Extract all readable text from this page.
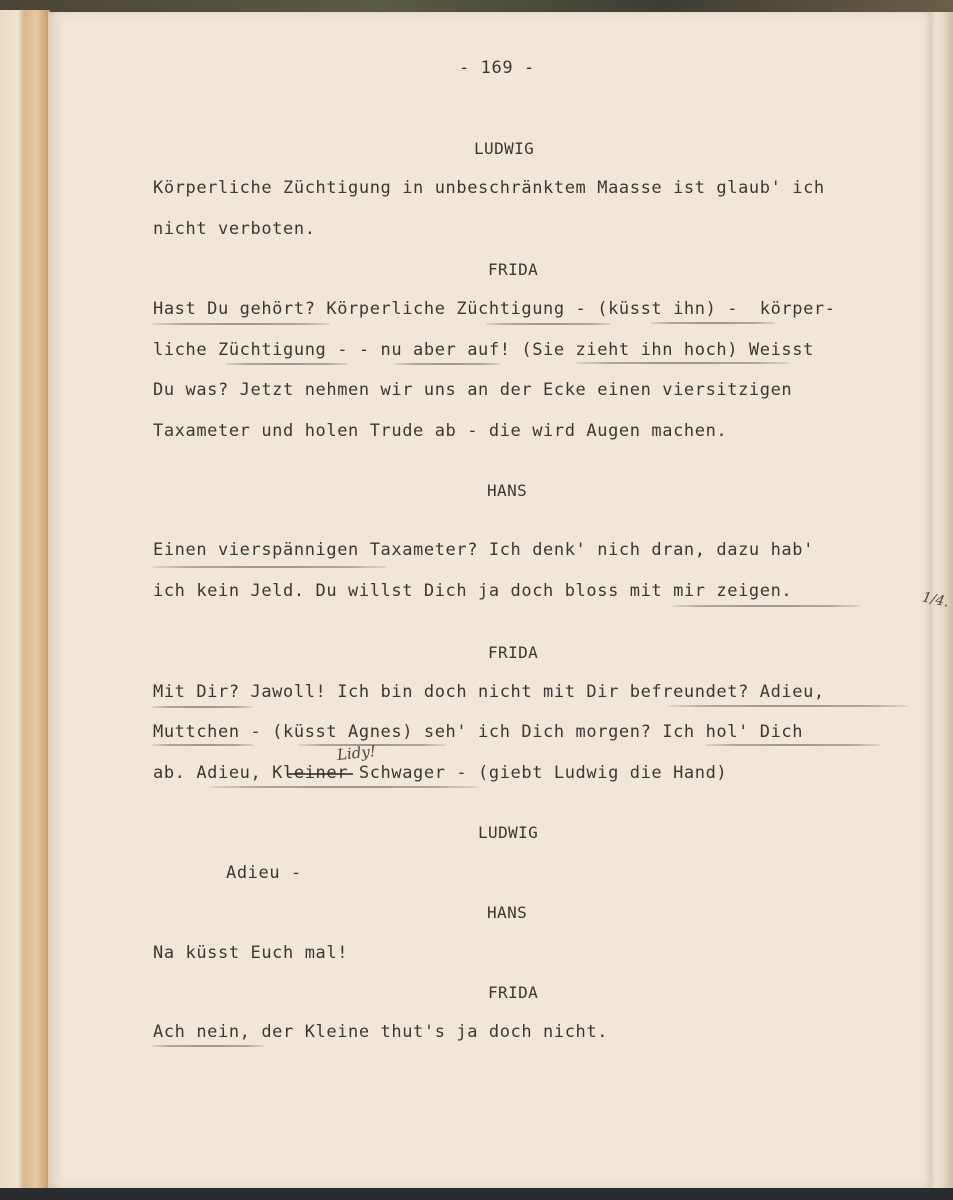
- 169 -

LUDWIG

Körperliche Züchtigung in unbeschränktem Maasse ist glaub' ich

nicht verboten.

FRIDA

Hast Du gehört? Körperliche Züchtigung - (küsst ihn) -  körper-

liche Züchtigung - - nu aber auf! (Sie zieht ihn hoch) Weisst

Du was? Jetzt nehmen wir uns an der Ecke einen viersitzigen

Taxameter und holen Trude ab - die wird Augen machen.

HANS

Einen vierspännigen Taxameter? Ich denk' nich dran, dazu hab'

ich kein Jeld. Du willst Dich ja doch bloss mit mir zeigen.

FRIDA

Mit Dir? Jawoll! Ich bin doch nicht mit Dir befreundet? Adieu,

Muttchen - (küsst Agnes) seh' ich Dich morgen? Ich hol' Dich

ab. Adieu, Kleiner Schwager - (giebt Ludwig die Hand)

LUDWIG

Adieu -

HANS

Na küsst Euch mal!

FRIDA

Ach nein, der Kleine thut's ja doch nicht.

Lidy!

1/4.
